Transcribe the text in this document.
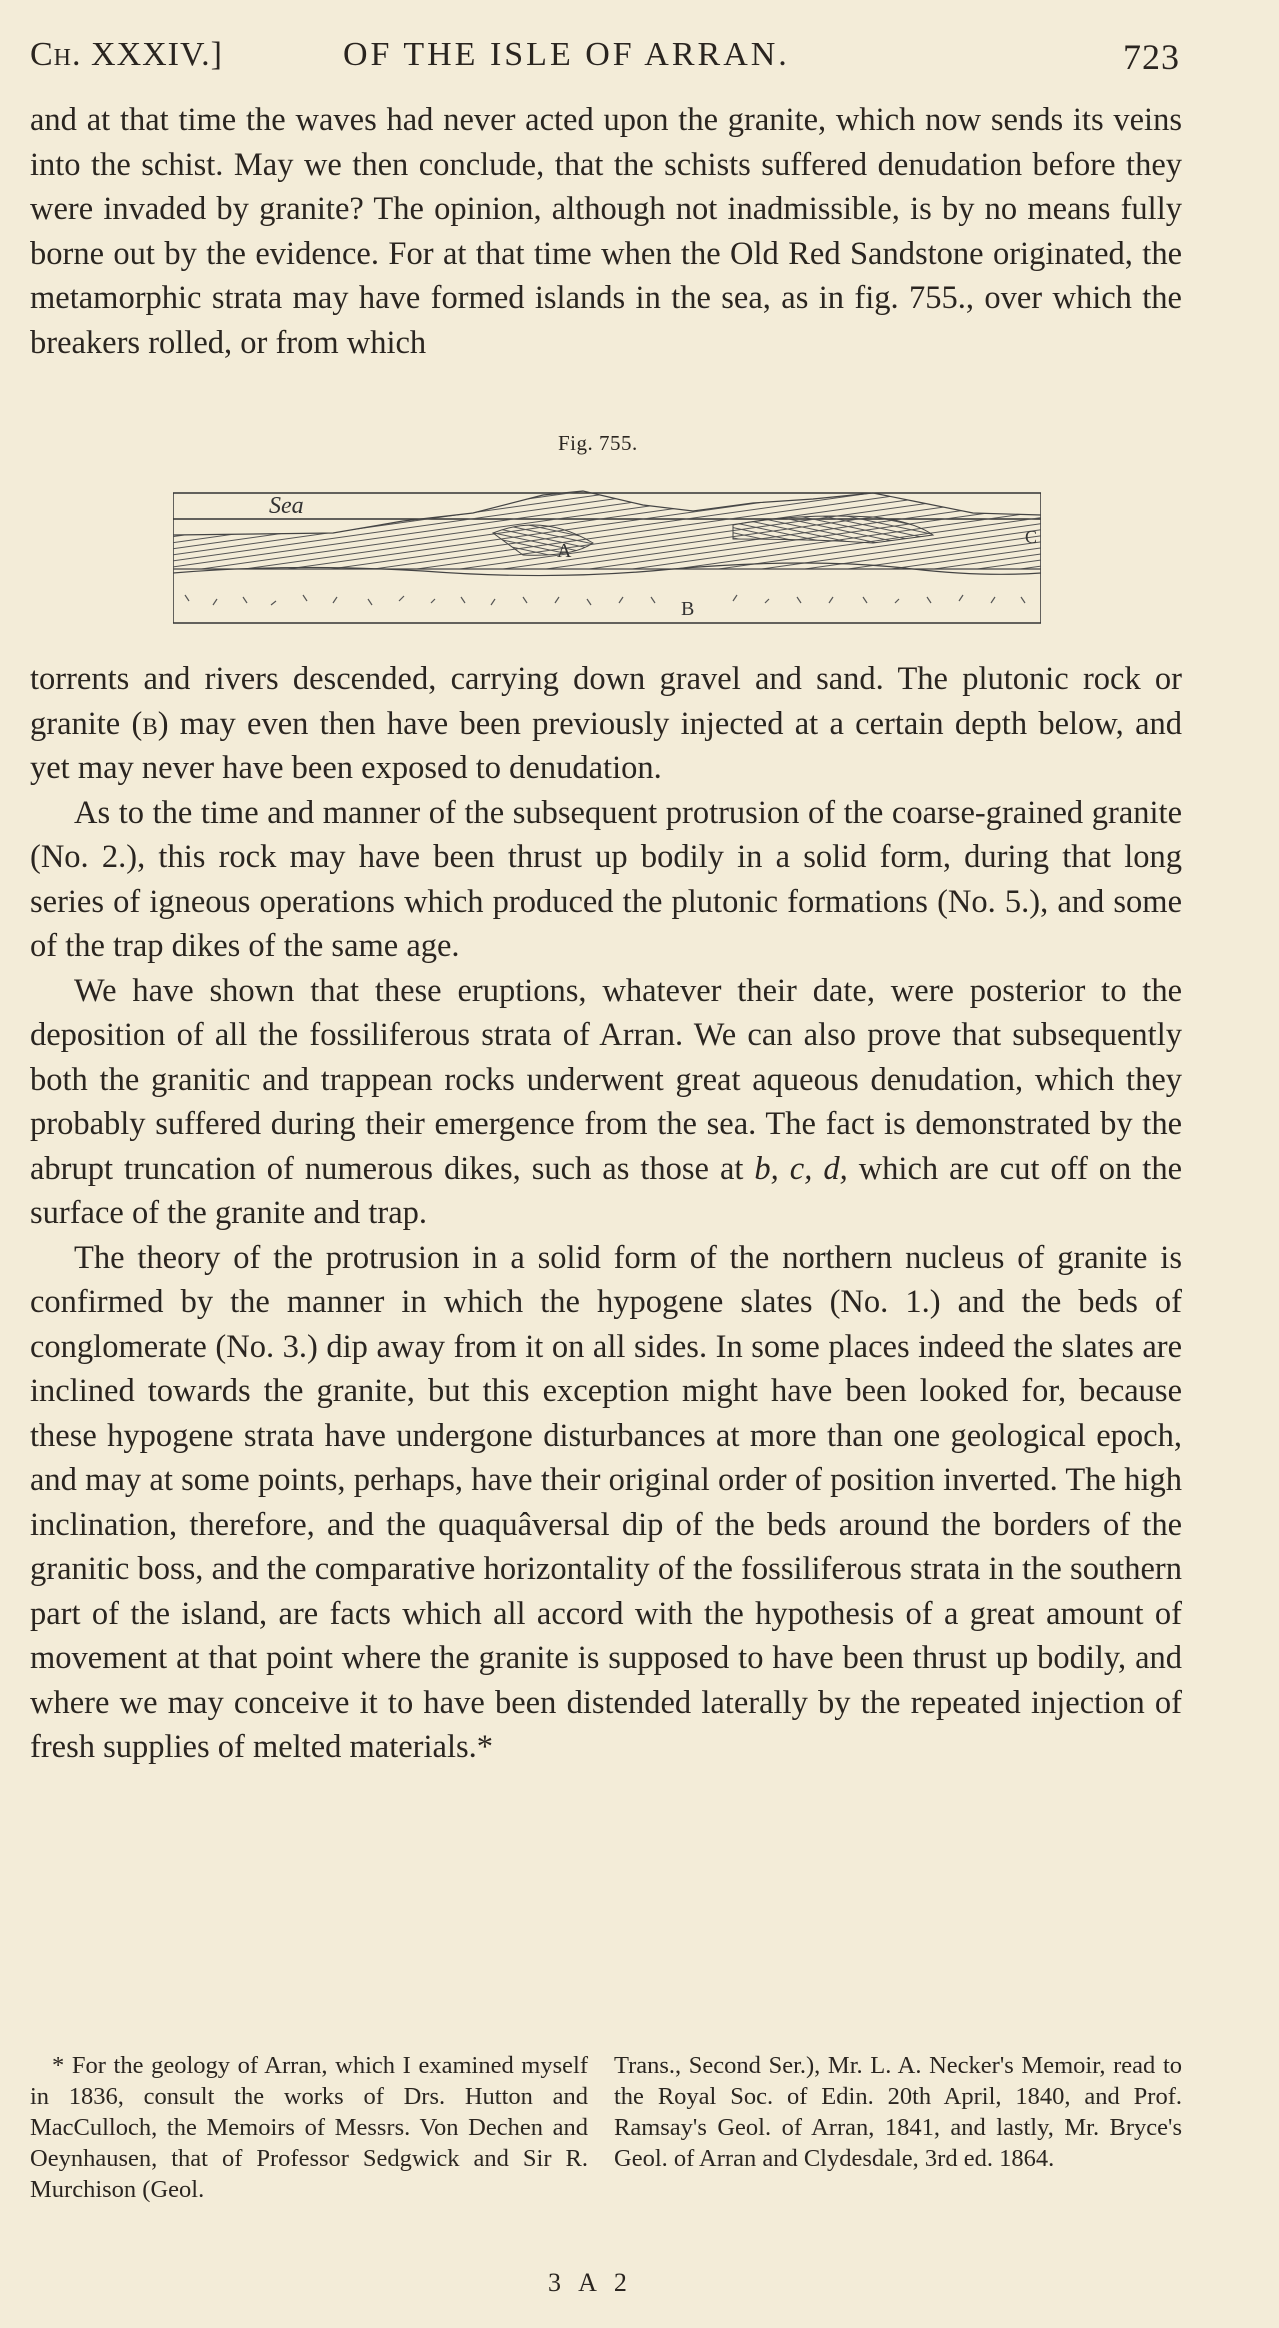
Ch. XXXIV.]	OF THE ISLE OF ARRAN.	723

and at that time the waves had never acted upon the granite, which now sends its veins into the schist. May we then conclude, that the schists suffered denudation before they were invaded by granite? The opinion, although not inadmissible, is by no means fully borne out by the evidence. For at that time when the Old Red Sandstone originated, the metamorphic strata may have formed islands in the sea, as in fig. 755., over which the breakers rolled, or from which

Fig. 755.
Sea
A
B
C

torrents and rivers descended, carrying down gravel and sand. The plutonic rock or granite (b) may even then have been previously injected at a certain depth below, and yet may never have been exposed to denudation.

As to the time and manner of the subsequent protrusion of the coarse-grained granite (No. 2.), this rock may have been thrust up bodily in a solid form, during that long series of igneous operations which produced the plutonic formations (No. 5.), and some of the trap dikes of the same age.

We have shown that these eruptions, whatever their date, were posterior to the deposition of all the fossiliferous strata of Arran. We can also prove that subsequently both the granitic and trappean rocks underwent great aqueous denudation, which they probably suffered during their emergence from the sea. The fact is demonstrated by the abrupt truncation of numerous dikes, such as those at b, c, d, which are cut off on the surface of the granite and trap.

The theory of the protrusion in a solid form of the northern nucleus of granite is confirmed by the manner in which the hypogene slates (No. 1.) and the beds of conglomerate (No. 3.) dip away from it on all sides. In some places indeed the slates are inclined towards the granite, but this exception might have been looked for, because these hypogene strata have undergone disturbances at more than one geological epoch, and may at some points, perhaps, have their original order of position inverted. The high inclination, therefore, and the quaquâversal dip of the beds around the borders of the granitic boss, and the comparative horizontality of the fossiliferous strata in the southern part of the island, are facts which all accord with the hypothesis of a great amount of movement at that point where the granite is supposed to have been thrust up bodily, and where we may conceive it to have been distended laterally by the repeated injection of fresh supplies of melted materials.*

* For the geology of Arran, which I examined myself in 1836, consult the works of Drs. Hutton and MacCulloch, the Memoirs of Messrs. Von Dechen and Oeynhausen, that of Professor Sedgwick and Sir R. Murchison (Geol.
Trans., Second Ser.), Mr. L. A. Necker's Memoir, read to the Royal Soc. of Edin. 20th April, 1840, and Prof. Ramsay's Geol. of Arran, 1841, and lastly, Mr. Bryce's Geol. of Arran and Clydesdale, 3rd ed. 1864.
3 A 2
